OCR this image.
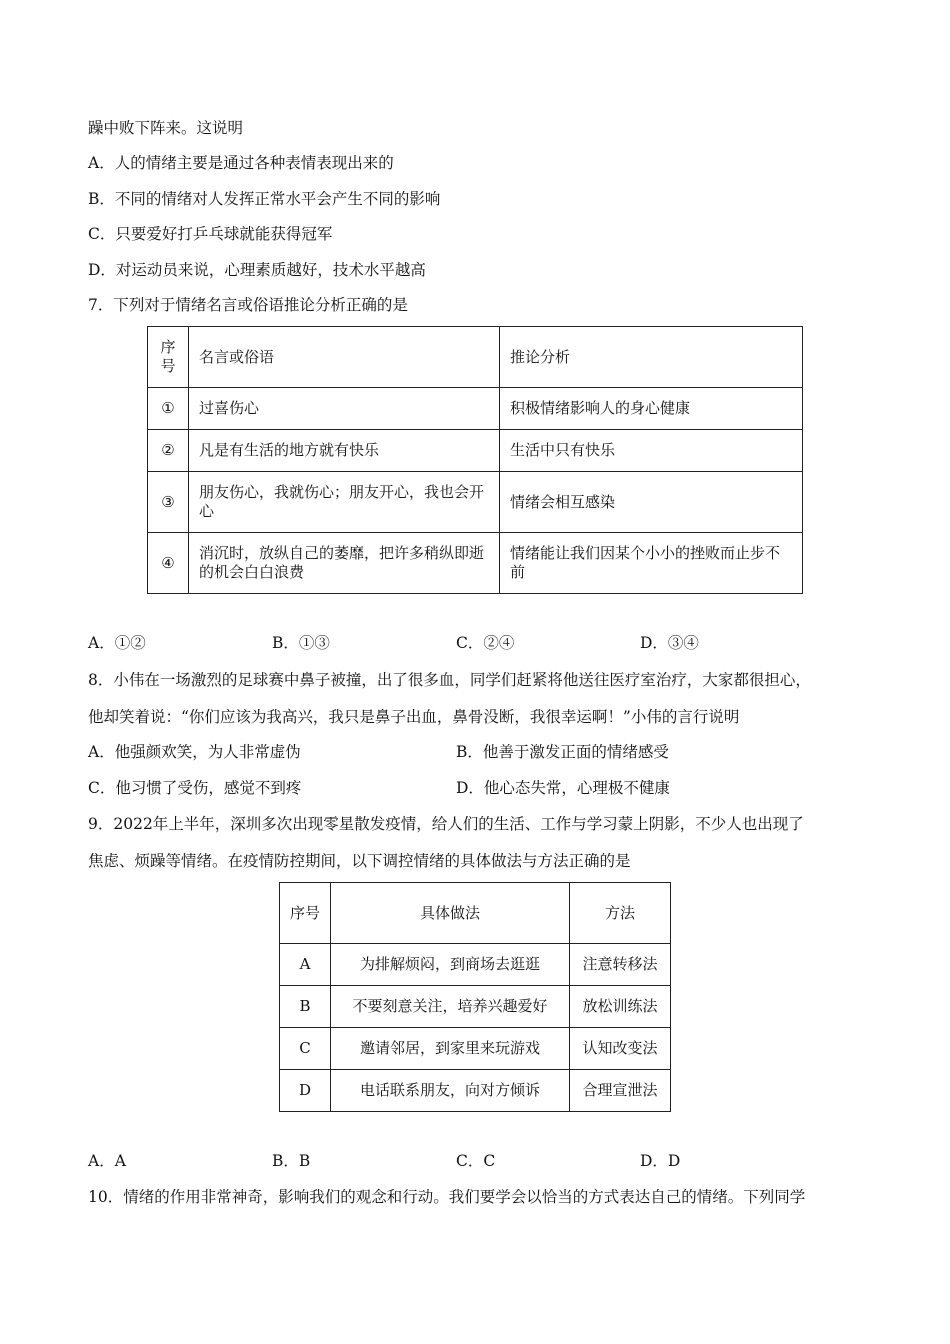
躁中败下阵来。这说明
A．人的情绪主要是通过各种表情表现出来的
B．不同的情绪对人发挥正常水平会产生不同的影响
C．只要爱好打乒乓球就能获得冠军
D．对运动员来说，心理素质越好，技术水平越高
7．下列对于情绪名言或俗语推论分析正确的是
序号	名言或俗语	推论分析
①	过喜伤心	积极情绪影响人的身心健康
②	凡是有生活的地方就有快乐	生活中只有快乐
③	朋友伤心，我就伤心；朋友开心，我也会开心	情绪会相互感染
④	消沉时，放纵自己的萎靡，把许多稍纵即逝的机会白白浪费	情绪能让我们因某个小小的挫败而止步不前
A．①②	B．①③	C．②④	D．③④
8．小伟在一场激烈的足球赛中鼻子被撞，出了很多血，同学们赶紧将他送往医疗室治疗，大家都很担心，
他却笑着说：“你们应该为我高兴，我只是鼻子出血，鼻骨没断，我很幸运啊！”小伟的言行说明
A．他强颜欢笑，为人非常虚伪	B．他善于激发正面的情绪感受
C．他习惯了受伤，感觉不到疼	D．他心态失常，心理极不健康
9．2022年上半年，深圳多次出现零星散发疫情，给人们的生活、工作与学习蒙上阴影，不少人也出现了
焦虑、烦躁等情绪。在疫情防控期间，以下调控情绪的具体做法与方法正确的是
序号	具体做法	方法
A	为排解烦闷，到商场去逛逛	注意转移法
B	不要刻意关注，培养兴趣爱好	放松训练法
C	邀请邻居，到家里来玩游戏	认知改变法
D	电话联系朋友，向对方倾诉	合理宣泄法
A．A	B．B	C．C	D．D
10．情绪的作用非常神奇，影响我们的观念和行动。我们要学会以恰当的方式表达自己的情绪。下列同学
